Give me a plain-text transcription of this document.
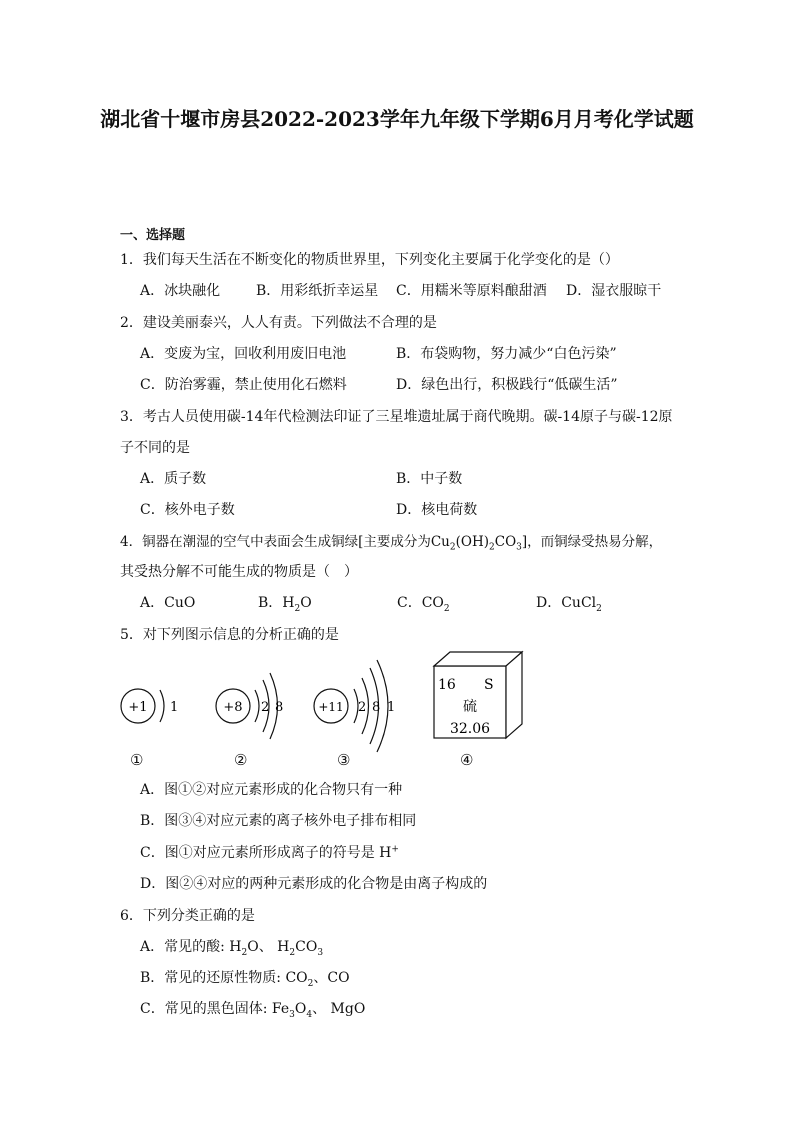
湖北省十堰市房县2022-2023学年九年级下学期6月月考化学试题
一、选择题
1．我们每天生活在不断变化的物质世界里，下列变化主要属于化学变化的是（）
A．冰块融化	B．用彩纸折幸运星 C．用糯米等原料酿甜酒 D．湿衣服晾干
2．建设美丽泰兴，人人有责。下列做法不合理的是
A．变废为宝，回收利用废旧电池	B．布袋购物，努力减少“白色污染”
C．防治雾霾，禁止使用化石燃料	D．绿色出行，积极践行“低碳生活”
3．考古人员使用碳-14年代检测法印证了三星堆遗址属于商代晚期。碳-14原子与碳-12原
子不同的是
A．质子数	B．中子数
C．核外电子数	D．核电荷数
4．铜器在潮湿的空气中表面会生成铜绿[主要成分为$Cu_2(OH)_2CO_3$]，而铜绿受热易分解，
其受热分解不可能生成的物质是（　）
A．CuO	B．$H_2O$	C．$CO_2$	D．CuCl$_2$
5．对下列图示信息的分析正确的是
+1 1	+8 2 8	+11 2 8 1
16 S
硫
32.06
①	②	③	④
A．图①②对应元素形成的化合物只有一种
B．图③④对应元素的离子核外电子排布相同
C．图①对应元素所形成离子的符号是 H+
D．图②④对应的两种元素形成的化合物是由离子构成的
6．下列分类正确的是
A．常见的酸: $H_2O$、 $H_2CO_3$
B．常见的还原性物质: $CO_2$、CO
C．常见的黑色固体: $Fe_3O_4$、 MgO
